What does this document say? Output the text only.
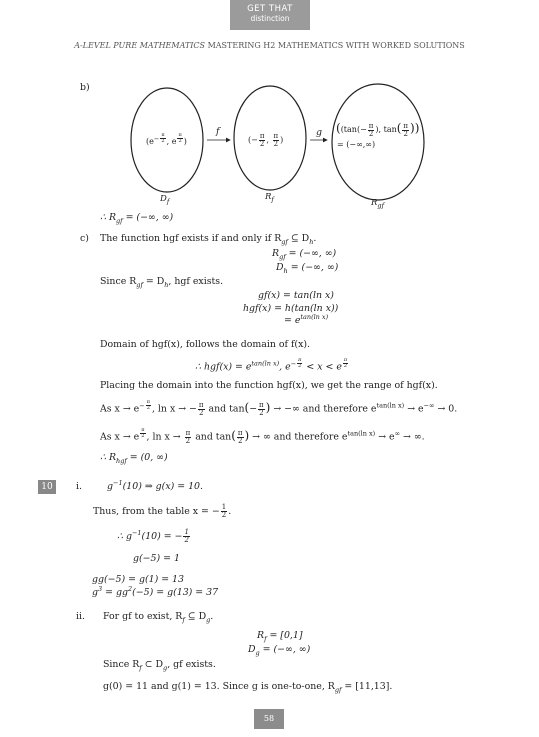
GET THAT
distinction
A-LEVEL PURE MATHEMATICS MASTERING H2 MATHEMATICS WITH WORKED SOLUTIONS
b)
f	g
($e^{- \frac{\pi}{2}}$ , e $^{\frac{\pi}{2}}$ )	(− $\frac{\pi}{2}$ , $\frac{\pi}{2}$ )
(($\tan(- \frac{\pi}{2}$ ), $\tan( \frac{\pi}{2}$ ))
= (−∞,∞)
$D_f$	$R_f$	$R_{gf}$
∴ $R_{gf}$ = (−∞, ∞)
c) The function hgf exists if and only if $R_{gf}$ ⊆ $D_h$.
$R_{gf}$ = (−∞, ∞)
$D_h$ = (−∞, ∞)
Since $R_{gf} = D_h$, hgf exists.
gf(x) = tan(ln x)
hgf(x) = h(tan(ln x))
= $e^{tan(ln x)}$
Domain of hgf(x), follows the domain of f(x).
∴ $hgf(x) = e^{tan(ln x)}$, $e^{- \frac{\pi}{2}} < x < e$ $^{\frac{\pi}{2}}$
Placing the domain into the function hgf(x), we get the range of hgf(x).
As $x \to e^{- \frac{\pi}{2}}$ , ln x → − $\frac{\pi}{2}$ and $\tan(- \frac{\pi}{2}$ ) → −∞ and therefore $e^{tan(ln x)} \to e^{-\infty} \to 0$.
As x → e $^{\frac{\pi}{2}}$ , $\ln x \to \frac{\pi}{2}$ and $\tan( \frac{\pi}{2}$ ) → ∞ and therefore $e^{tan(ln x)} \to e^\infty$ → ∞.
∴ $R_{hgf} = (0$, ∞)
10	i.	$g^{-1}(10)$ ⇒ g(x) = 10.
Thus, from the table x = − $\frac{1}{2}$ .
∴ $g^{-1}(10)$ = − $\frac{1}{2}$
g(−5) = 1
gg(−5) = g(1) = 13
$g^3 = gg^2(-5) = g(13) = 37$
ii. For gf to exist, $R_f$ ⊆ $D_g$.
$R_f = [0,1]$
$D_g$ = (−∞, ∞)
Since $R_f$ ⊂ $D_g$, gf exists.
g(0) = 11 and g(1) = 13. Since g is one-to-one, $R_{gf} = [11,13]$.
58
